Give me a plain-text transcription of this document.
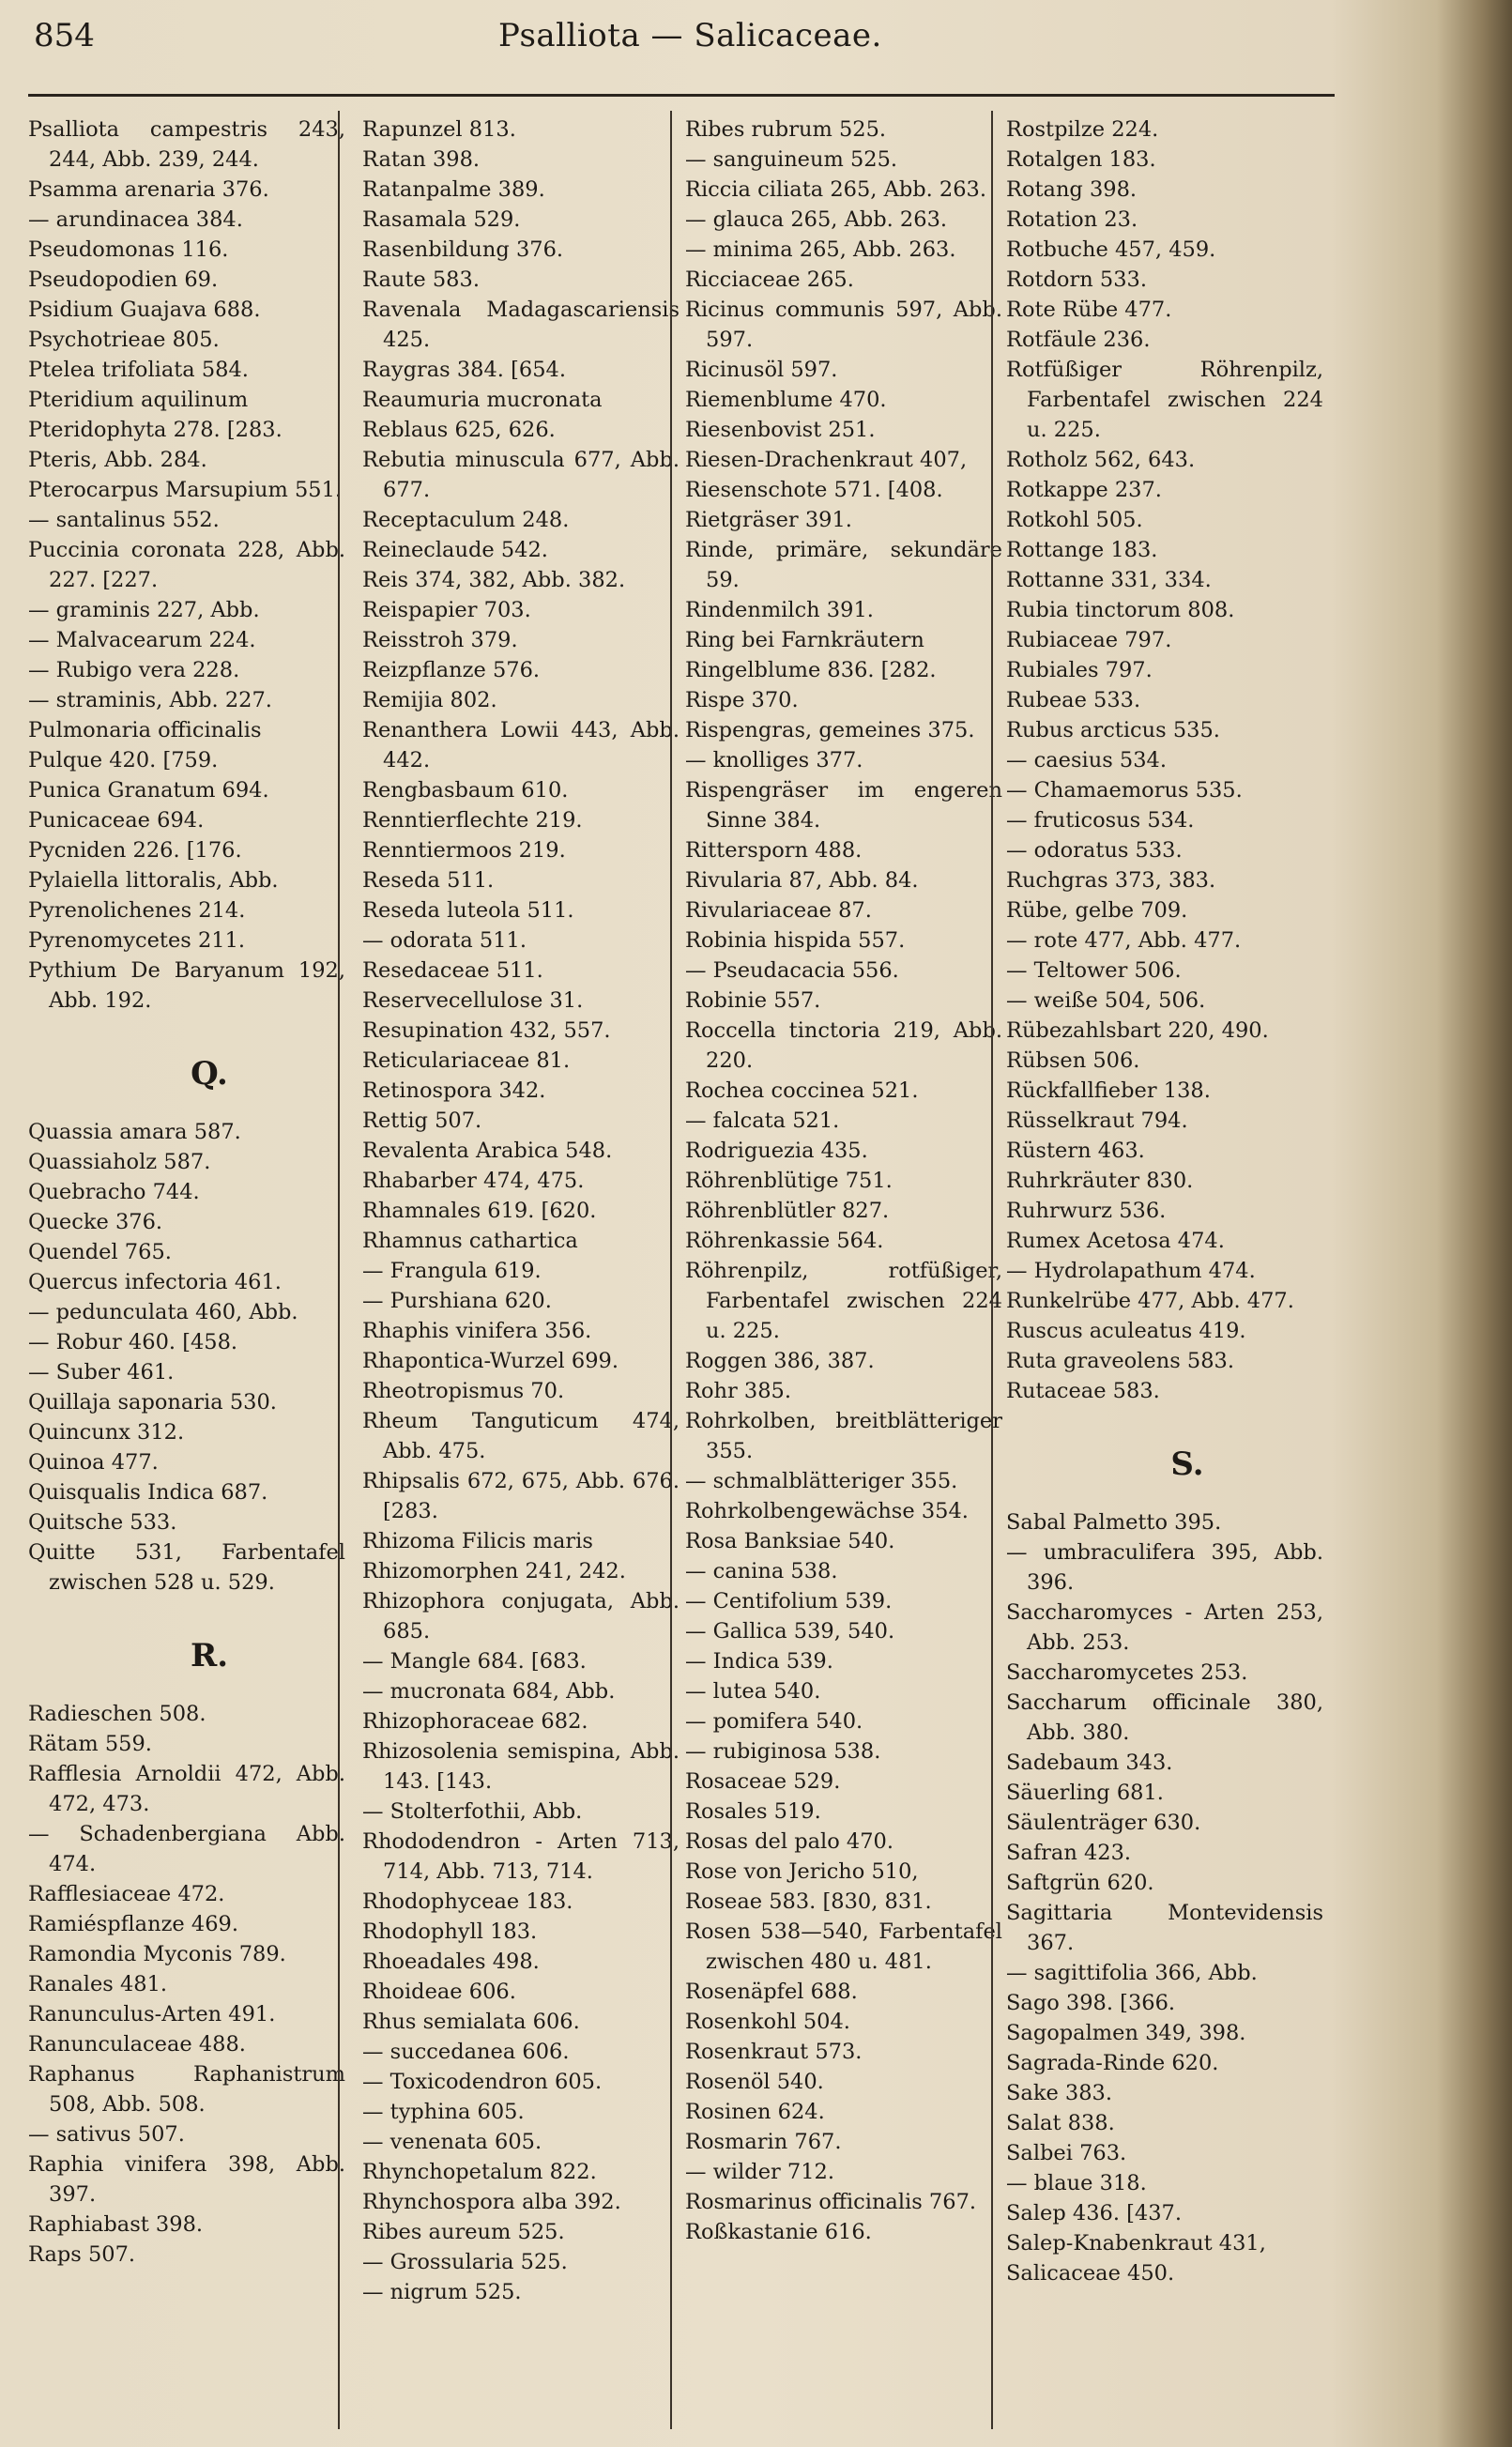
854	Psalliota — Salicaceae.

Psalliota campestris 243, 244, Abb. 239, 244.

Psamma arenaria 376.

— arundinacea 384.

Pseudomonas 116.

Pseudopodien 69.

Psidium Guajava 688.

Psychotrieae 805.

Ptelea trifoliata 584.

Pteridium aquilinum

Pteridophyta 278. [283.

Pteris, Abb. 284.

Pterocarpus Marsupium 551.

— santalinus 552.

Puccinia coronata 228, Abb. 227. [227.

— graminis 227, Abb.

— Malvacearum 224.

— Rubigo vera 228.

— straminis, Abb. 227.

Pulmonaria officinalis

Pulque 420. [759.

Punica Granatum 694.

Punicaceae 694.

Pycniden 226. [176.

Pylaiella littoralis, Abb.

Pyrenolichenes 214.

Pyrenomycetes 211.

Pythium De Baryanum 192, Abb. 192.

Q.

Quassia amara 587.

Quassiaholz 587.

Quebracho 744.

Quecke 376.

Quendel 765.

Quercus infectoria 461.

— pedunculata 460, Abb.

— Robur 460. [458.

— Suber 461.

Quillaja saponaria 530.

Quincunx 312.

Quinoa 477.

Quisqualis Indica 687.

Quitsche 533.

Quitte 531, Farbentafel zwischen 528 u. 529.

R.

Radieschen 508.

Rätam 559.

Rafflesia Arnoldii 472, Abb. 472, 473.

— Schadenbergiana Abb. 474.

Rafflesiaceae 472.

Ramiéspflanze 469.

Ramondia Myconis 789.

Ranales 481.

Ranunculus-Arten 491.

Ranunculaceae 488.

Raphanus Raphanistrum 508, Abb. 508.

— sativus 507.

Raphia vinifera 398, Abb. 397.

Raphiabast 398.

Raps 507.

Rapunzel 813.

Ratan 398.

Ratanpalme 389.

Rasamala 529.

Rasenbildung 376.

Raute 583.

Ravenala Madagascariensis 425.

Raygras 384. [654.

Reaumuria mucronata

Reblaus 625, 626.

Rebutia minuscula 677, Abb. 677.

Receptaculum 248.

Reineclaude 542.

Reis 374, 382, Abb. 382.

Reispapier 703.

Reisstroh 379.

Reizpflanze 576.

Remijia 802.

Renanthera Lowii 443, Abb. 442.

Rengbasbaum 610.

Renntierflechte 219.

Renntiermoos 219.

Reseda 511.

Reseda luteola 511.

— odorata 511.

Resedaceae 511.

Reservecellulose 31.

Resupination 432, 557.

Reticulariaceae 81.

Retinospora 342.

Rettig 507.

Revalenta Arabica 548.

Rhabarber 474, 475.

Rhamnales 619. [620.

Rhamnus cathartica

— Frangula 619.

— Purshiana 620.

Rhaphis vinifera 356.

Rhapontica-Wurzel 699.

Rheotropismus 70.

Rheum Tanguticum 474, Abb. 475.

Rhipsalis 672, 675, Abb. 676. [283.

Rhizoma Filicis maris

Rhizomorphen 241, 242.

Rhizophora conjugata, Abb. 685.

— Mangle 684. [683.

— mucronata 684, Abb.

Rhizophoraceae 682.

Rhizosolenia semispina, Abb. 143. [143.

— Stolterfothii, Abb.

Rhododendron - Arten 713, 714, Abb. 713, 714.

Rhodophyceae 183.

Rhodophyll 183.

Rhoeadales 498.

Rhoideae 606.

Rhus semialata 606.

— succedanea 606.

— Toxicodendron 605.

— typhina 605.

— venenata 605.

Rhynchopetalum 822.

Rhynchospora alba 392.

Ribes aureum 525.

— Grossularia 525.

— nigrum 525.

Ribes rubrum 525.

— sanguineum 525.

Riccia ciliata 265, Abb. 263.

— glauca 265, Abb. 263.

— minima 265, Abb. 263.

Ricciaceae 265.

Ricinus communis 597, Abb. 597.

Ricinusöl 597.

Riemenblume 470.

Riesenbovist 251.

Riesen-Drachenkraut 407,

Riesenschote 571. [408.

Rietgräser 391.

Rinde, primäre, sekundäre 59.

Rindenmilch 391.

Ring bei Farnkräutern

Ringelblume 836. [282.

Rispe 370.

Rispengras, gemeines 375.

— knolliges 377.

Rispengräser im engeren Sinne 384.

Rittersporn 488.

Rivularia 87, Abb. 84.

Rivulariaceae 87.

Robinia hispida 557.

— Pseudacacia 556.

Robinie 557.

Roccella tinctoria 219, Abb. 220.

Rochea coccinea 521.

— falcata 521.

Rodriguezia 435.

Röhrenblütige 751.

Röhrenblütler 827.

Röhrenkassie 564.

Röhrenpilz, rotfüßiger, Farbentafel zwischen 224 u. 225.

Roggen 386, 387.

Rohr 385.

Rohrkolben, breitblätteriger 355.

— schmalblätteriger 355.

Rohrkolbengewächse 354.

Rosa Banksiae 540.

— canina 538.

— Centifolium 539.

— Gallica 539, 540.

— Indica 539.

— lutea 540.

— pomifera 540.

— rubiginosa 538.

Rosaceae 529.

Rosales 519.

Rosas del palo 470.

Rose von Jericho 510,

Roseae 583. [830, 831.

Rosen 538—540, Farbentafel zwischen 480 u. 481.

Rosenäpfel 688.

Rosenkohl 504.

Rosenkraut 573.

Rosenöl 540.

Rosinen 624.

Rosmarin 767.

— wilder 712.

Rosmarinus officinalis 767.

Roßkastanie 616.

Rostpilze 224.

Rotalgen 183.

Rotang 398.

Rotation 23.

Rotbuche 457, 459.

Rotdorn 533.

Rote Rübe 477.

Rotfäule 236.

Rotfüßiger Röhrenpilz, Farbentafel zwischen 224 u. 225.

Rotholz 562, 643.

Rotkappe 237.

Rotkohl 505.

Rottange 183.

Rottanne 331, 334.

Rubia tinctorum 808.

Rubiaceae 797.

Rubiales 797.

Rubeae 533.

Rubus arcticus 535.

— caesius 534.

— Chamaemorus 535.

— fruticosus 534.

— odoratus 533.

Ruchgras 373, 383.

Rübe, gelbe 709.

— rote 477, Abb. 477.

— Teltower 506.

— weiße 504, 506.

Rübezahlsbart 220, 490.

Rübsen 506.

Rückfallfieber 138.

Rüsselkraut 794.

Rüstern 463.

Ruhrkräuter 830.

Ruhrwurz 536.

Rumex Acetosa 474.

— Hydrolapathum 474.

Runkelrübe 477, Abb. 477.

Ruscus aculeatus 419.

Ruta graveolens 583.

Rutaceae 583.

S.

Sabal Palmetto 395.

— umbraculifera 395, Abb. 396.

Saccharomyces - Arten 253, Abb. 253.

Saccharomycetes 253.

Saccharum officinale 380, Abb. 380.

Sadebaum 343.

Säuerling 681.

Säulenträger 630.

Safran 423.

Saftgrün 620.

Sagittaria Montevidensis 367.

— sagittifolia 366, Abb.

Sago 398. [366.

Sagopalmen 349, 398.

Sagrada-Rinde 620.

Sake 383.

Salat 838.

Salbei 763.

— blaue 318.

Salep 436. [437.

Salep-Knabenkraut 431,

Salicaceae 450.
